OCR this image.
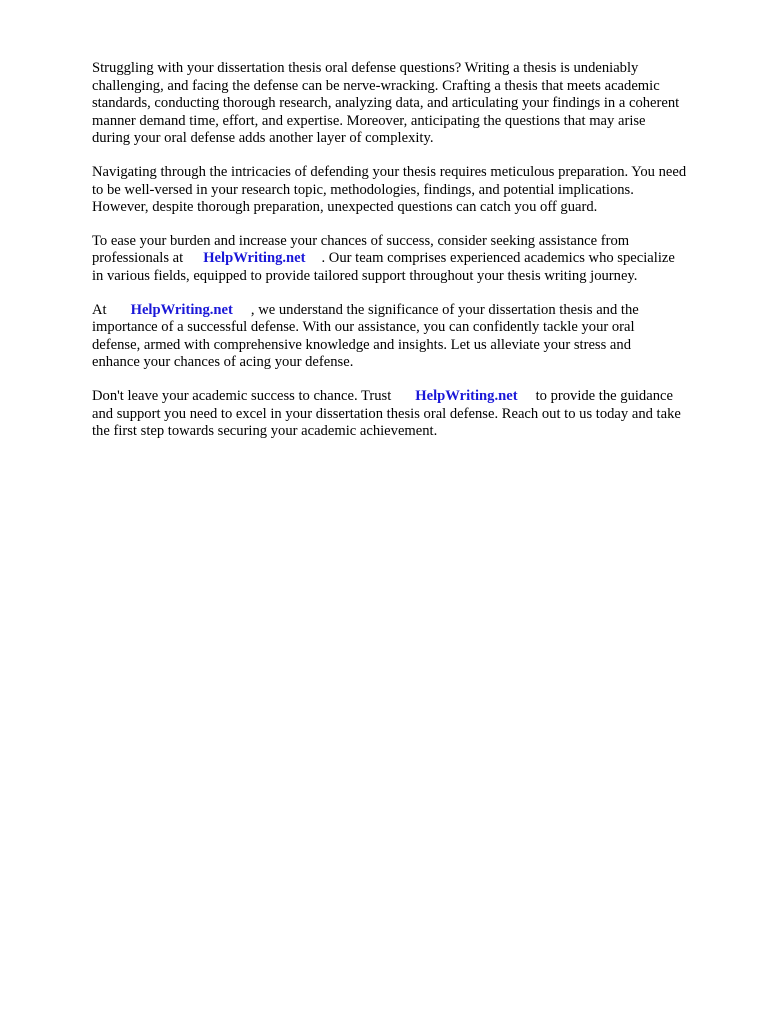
Struggling with your dissertation thesis oral defense questions? Writing a thesis is undeniably
challenging, and facing the defense can be nerve-wracking. Crafting a thesis that meets academic
standards, conducting thorough research, analyzing data, and articulating your findings in a coherent
manner demand time, effort, and expertise. Moreover, anticipating the questions that may arise
during your oral defense adds another layer of complexity.

Navigating through the intricacies of defending your thesis requires meticulous preparation. You need
to be well-versed in your research topic, methodologies, findings, and potential implications.
However, despite thorough preparation, unexpected questions can catch you off guard.

To ease your burden and increase your chances of success, consider seeking assistance from
professionals at HelpWriting.net . Our team comprises experienced academics who specialize
in various fields, equipped to provide tailored support throughout your thesis writing journey.

At HelpWriting.net , we understand the significance of your dissertation thesis and the
importance of a successful defense. With our assistance, you can confidently tackle your oral
defense, armed with comprehensive knowledge and insights. Let us alleviate your stress and
enhance your chances of acing your defense.

Don't leave your academic success to chance. Trust HelpWriting.net to provide the guidance
and support you need to excel in your dissertation thesis oral defense. Reach out to us today and take
the first step towards securing your academic achievement.
